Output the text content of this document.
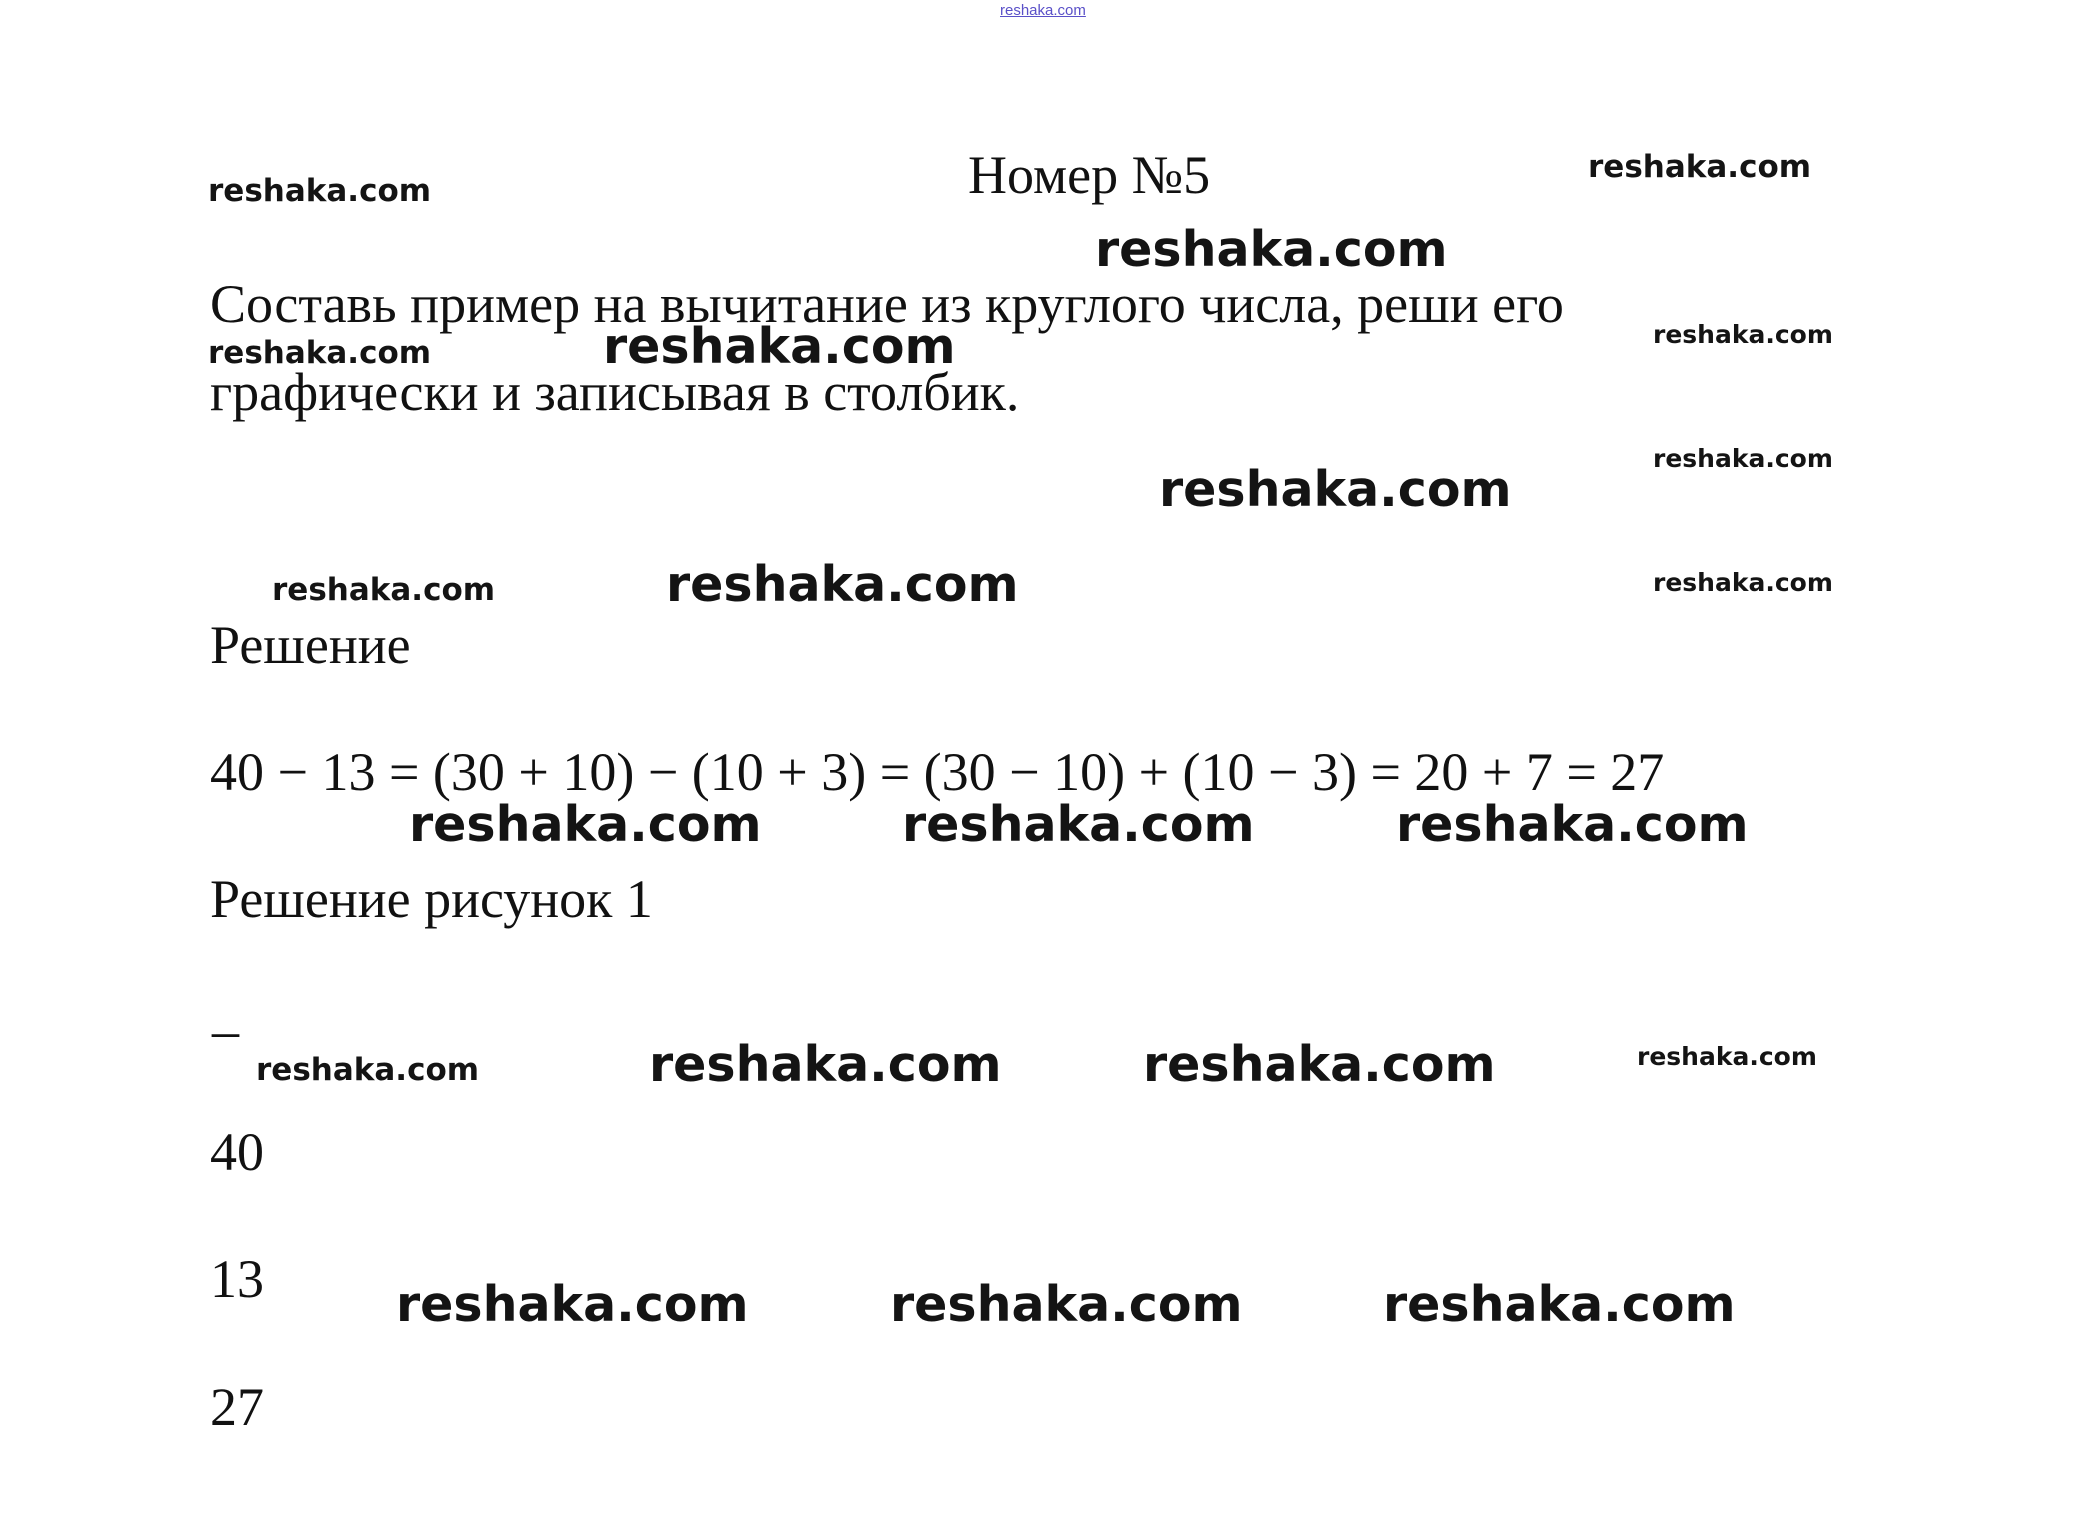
reshaka.com
Номер №5
Составь пример на вычитание из круглого числа, реши его
графически и записывая в столбик.
Решение
40 − 13 = (30 + 10) − (10 + 3) = (30 − 10) + (10 − 3) = 20 + 7 = 27
Решение рисунок 1
_
40
13
27
reshaka.com
reshaka.com
reshaka.com
reshaka.com
reshaka.com
reshaka.com
reshaka.com
reshaka.com
reshaka.com	reshaka.com	reshaka.com
reshaka.com	reshaka.com	reshaka.com
reshaka.com	reshaka.com	reshaka.com	reshaka.com
reshaka.com	reshaka.com	reshaka.com
